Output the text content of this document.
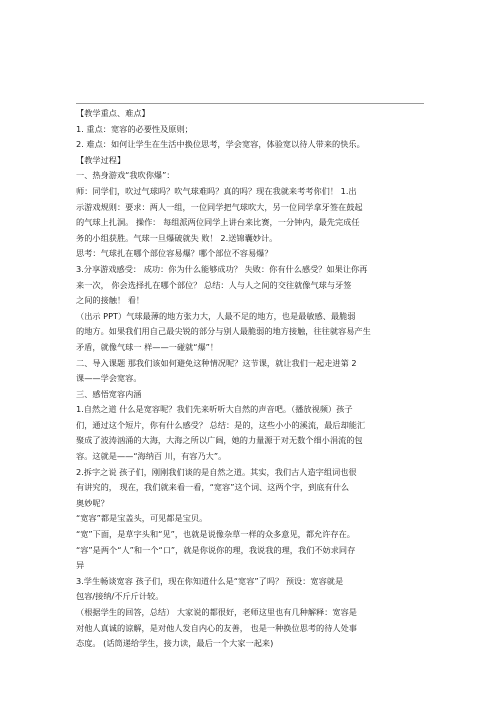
【教学重点、难点】
1. 重点：宽容的必要性及原则；
2. 难点：如何让学生在生活中换位思考，学会宽容，体验宽以待人带来的快乐。
【教学过程】
一、热身游戏“我吹你爆”：
师：同学们，吹过气球吗？吹气球难吗？真的吗？现在我就来考考你们！ 1.出
示游戏规则：要求：两人一组，一位同学把气球吹大，另一位同学拿牙签在鼓起
的气球上扎洞。 操作： 每组派两位同学上讲台来比赛，一分钟内，最先完成任
务的小组获胜。气球一旦爆破就失 败！ 2.送锦囊妙计。
思考：气球扎在哪个部位容易爆？哪个部位不容易爆？
3.分享游戏感受： 成功：你为什么能够成功？ 失败：你有什么感受？如果让你再
来一次， 你会选择扎在哪个部位？ 总结：人与人之间的交往就像气球与牙签
之间的接触！ 看！
（出示 PPT）气球最薄的地方张力大，人最不足的地方，也是最敏感、最脆弱
的地方。如果我们用自己最尖锐的部分与别人最脆弱的地方接触，往往就容易产生
矛盾，就像气球一 样——一碰就“爆”！
二、导入课题 那我们该如何避免这种情况呢？这节课，就让我们一起走进第 2
课——学会宽容。
三、感悟宽容内涵
1.自然之道 什么是宽容呢？我们先来听听大自然的声音吧。（播放视频）孩子
们，通过这个短片，你有什么感受？ 总结：是的，这些小小的溪流，最后却能汇
聚成了波涛汹涌的大海，大海之所以广阔，她的力量源于对无数个细小涓流的包
容。这就是——“海纳百 川，有容乃大”。
2.拆字之说 孩子们，刚刚我们谈的是自然之道。其实，我们古人造字组词也很
有讲究的， 现在，我们就来看一看，“宽容”这个词、这两个字，到底有什么
奥妙呢？
“宽容”都是宝盖头，可见都是宝贝。
“宽”下面，是草字头和“见”，也就是说像杂草一样的众多意见，都允许存在。
“容”是两个“人”和一个“口”，就是你说你的理，我说我的理，我们不妨求同存
异
3.学生畅谈宽容 孩子们，现在你知道什么是“宽容”了吗？ 预设：宽容就是
包容/接纳/不斤斤计较。
（根据学生的回答，总结） 大家说的都很好，老师这里也有几种解释：宽容是
对他人真诚的谅解，是对他人发自内心的友善， 也是一种换位思考的待人处事
态度。 (话筒递给学生，接力读，最后一个大家一起来)
